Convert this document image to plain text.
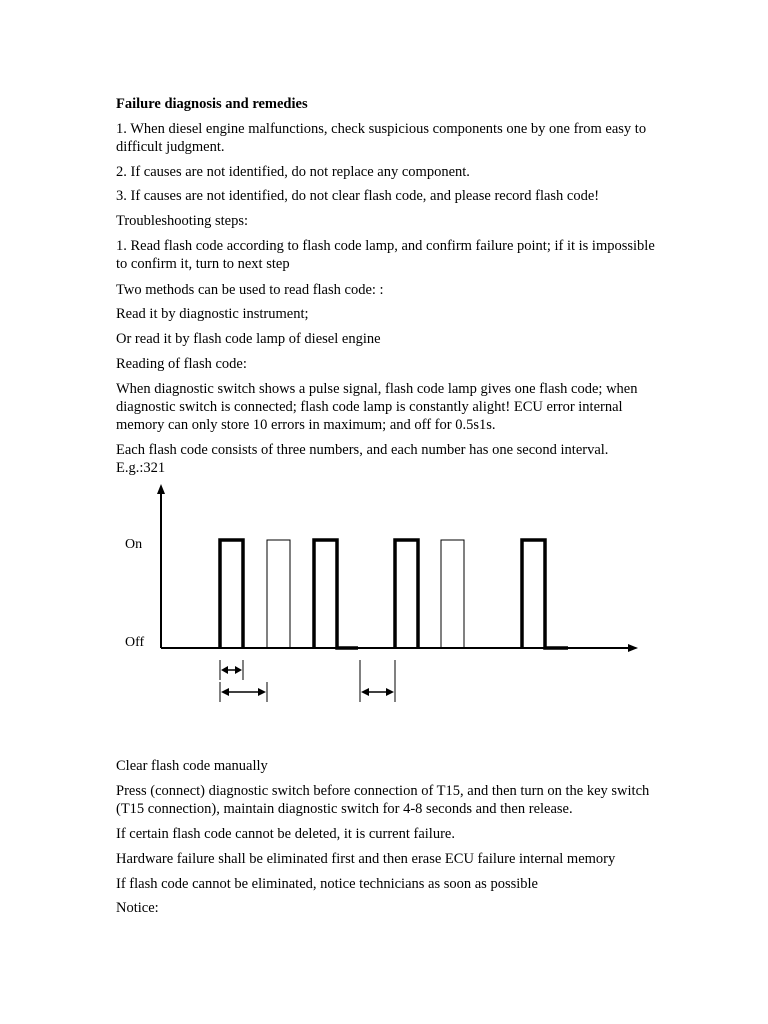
Failure diagnosis and remedies
1. When diesel engine malfunctions, check suspicious components one by one from easy to difficult judgment.
2. If causes are not identified, do not replace any component.
3. If causes are not identified, do not clear flash code, and please record flash code!
Troubleshooting steps:
1. Read flash code according to flash code lamp, and confirm failure point; if it is impossible to confirm it, turn to next step
Two methods can be used to read flash code: :
Read it by diagnostic instrument;
Or read it by flash code lamp of diesel engine
Reading of flash code:
When diagnostic switch shows a pulse signal, flash code lamp gives one flash code; when diagnostic switch is connected; flash code lamp is constantly alight! ECU error internal memory can only store 10 errors in maximum; and off for 0.5s1s.
Each flash code consists of three numbers, and each number has one second interval. E.g.:321
On
Off
Clear flash code manually
Press (connect) diagnostic switch before connection of T15, and then turn on the key switch (T15 connection), maintain diagnostic switch for 4-8 seconds and then release.
If certain flash code cannot be deleted, it is current failure.
Hardware failure shall be eliminated first and then erase ECU failure internal memory
If flash code cannot be eliminated, notice technicians as soon as possible
Notice:
